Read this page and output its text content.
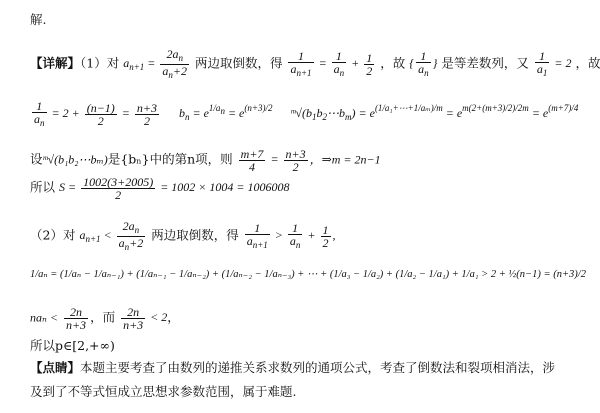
解.
【详解】（1）对 $a_{n+1} = \frac{2a_n}{a_n+2}$ 两边取倒数，得 $\frac{1}{a_{n+1}} = \frac{1}{a_n} + \frac{1}{2}$ ，故 { $\frac{1}{a_n}$ } 是等差数列，又 $\frac{1}{a_1} = 2$ ，故
$\frac{1}{a_n} = 2 + \frac{(n-1)}{2} = \frac{n+3}{2} b_n = e^{1/an} = e^{(n+3)/2}$ $ᵐ√(b_1b_2\cdots b_m) = e^{(1/a_1+\cdots+1/a_m)/m} = e^{m(2+(m+3)/2)/2m} = e^{(m+7)/4}$
设ᵐ√(b₁b₂⋯bₘ)是{bₙ}中的第n项，则 $\frac{m+7}{4} = \frac{n+3}{2}$ ，⇒m = 2n−1
所以 $S = \frac{1002(3+2005)}{2} = 1002 \times 1004 = 1006008$
（2）对 $a_{n+1} < \frac{2a_n}{a_n+2}$ 两边取倒数，得 $\frac{1}{a_{n+1}} > \frac{1}{a_n} + \frac{1}{2}$ ,
1/aₙ = (1/aₙ − 1/aₙ₋₁) + (1/aₙ₋₁ − 1/aₙ₋₂) + (1/aₙ₋₂ − 1/aₙ₋₃) + ⋯ + (1/a₃ − 1/a₂) + (1/a₂ − 1/a₁) + 1/a₁ > 2 + ½(n−1) = (n+3)/2
$na_n < \frac{2n}{n+3}$ ，而 $\frac{2n}{n+3} < 2$，
所以p∈[2,+∞)
【点睛】本题主要考查了由数列的递推关系求数列的通项公式，考查了倒数法和裂项相消法，涉
及到了不等式恒成立思想求参数范围，属于难题.
